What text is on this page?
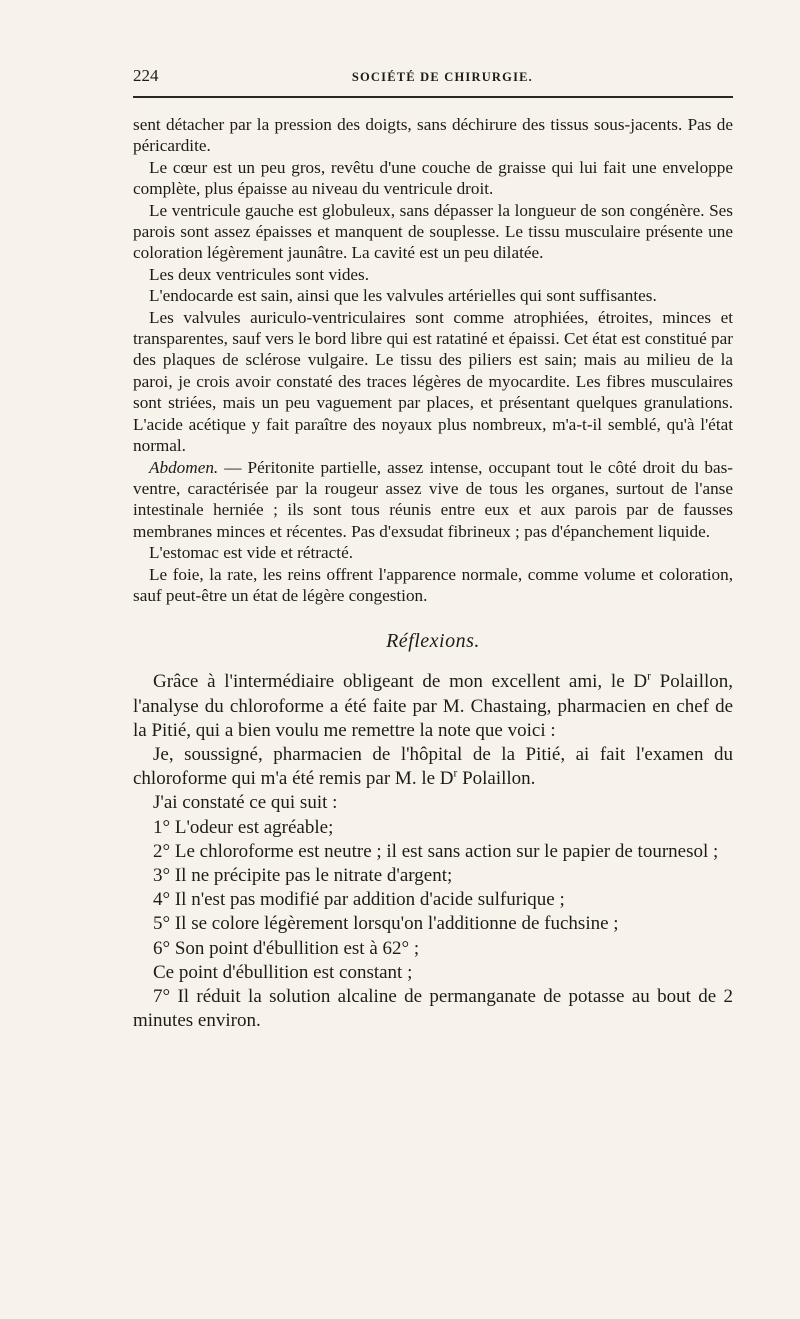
224	SOCIÉTÉ DE CHIRURGIE.

sent détacher par la pression des doigts, sans déchirure des tissus sous-jacents. Pas de péricardite.

Le cœur est un peu gros, revêtu d'une couche de graisse qui lui fait une enveloppe complète, plus épaisse au niveau du ventricule droit.

Le ventricule gauche est globuleux, sans dépasser la longueur de son congénère. Ses parois sont assez épaisses et manquent de souplesse. Le tissu musculaire présente une coloration légèrement jaunâtre. La cavité est un peu dilatée.

Les deux ventricules sont vides.

L'endocarde est sain, ainsi que les valvules artérielles qui sont suffisantes.

Les valvules auriculo-ventriculaires sont comme atrophiées, étroites, minces et transparentes, sauf vers le bord libre qui est ratatiné et épaissi. Cet état est constitué par des plaques de sclérose vulgaire. Le tissu des piliers est sain; mais au milieu de la paroi, je crois avoir constaté des traces légères de myocardite. Les fibres musculaires sont striées, mais un peu vaguement par places, et présentant quelques granulations. L'acide acétique y fait paraître des noyaux plus nombreux, m'a-t-il semblé, qu'à l'état normal.

Abdomen. — Péritonite partielle, assez intense, occupant tout le côté droit du bas-ventre, caractérisée par la rougeur assez vive de tous les organes, surtout de l'anse intestinale herniée ; ils sont tous réunis entre eux et aux parois par de fausses membranes minces et récentes. Pas d'exsudat fibrineux ; pas d'épanchement liquide.

L'estomac est vide et rétracté.

Le foie, la rate, les reins offrent l'apparence normale, comme volume et coloration, sauf peut-être un état de légère congestion.

Réflexions.

Grâce à l'intermédiaire obligeant de mon excellent ami, le $D^r$ Polaillon, l'analyse du chloroforme a été faite par M. Chastaing, pharmacien en chef de la Pitié, qui a bien voulu me remettre la note que voici :

Je, soussigné, pharmacien de l'hôpital de la Pitié, ai fait l'examen du chloroforme qui m'a été remis par M. le $D^r$ Polaillon.

J'ai constaté ce qui suit :

1° L'odeur est agréable;

2° Le chloroforme est neutre ; il est sans action sur le papier de tournesol ;

3° Il ne précipite pas le nitrate d'argent;

4° Il n'est pas modifié par addition d'acide sulfurique ;

5° Il se colore légèrement lorsqu'on l'additionne de fuchsine ;

6° Son point d'ébullition est à 62° ;

Ce point d'ébullition est constant ;

7° Il réduit la solution alcaline de permanganate de potasse au bout de 2 minutes environ.
